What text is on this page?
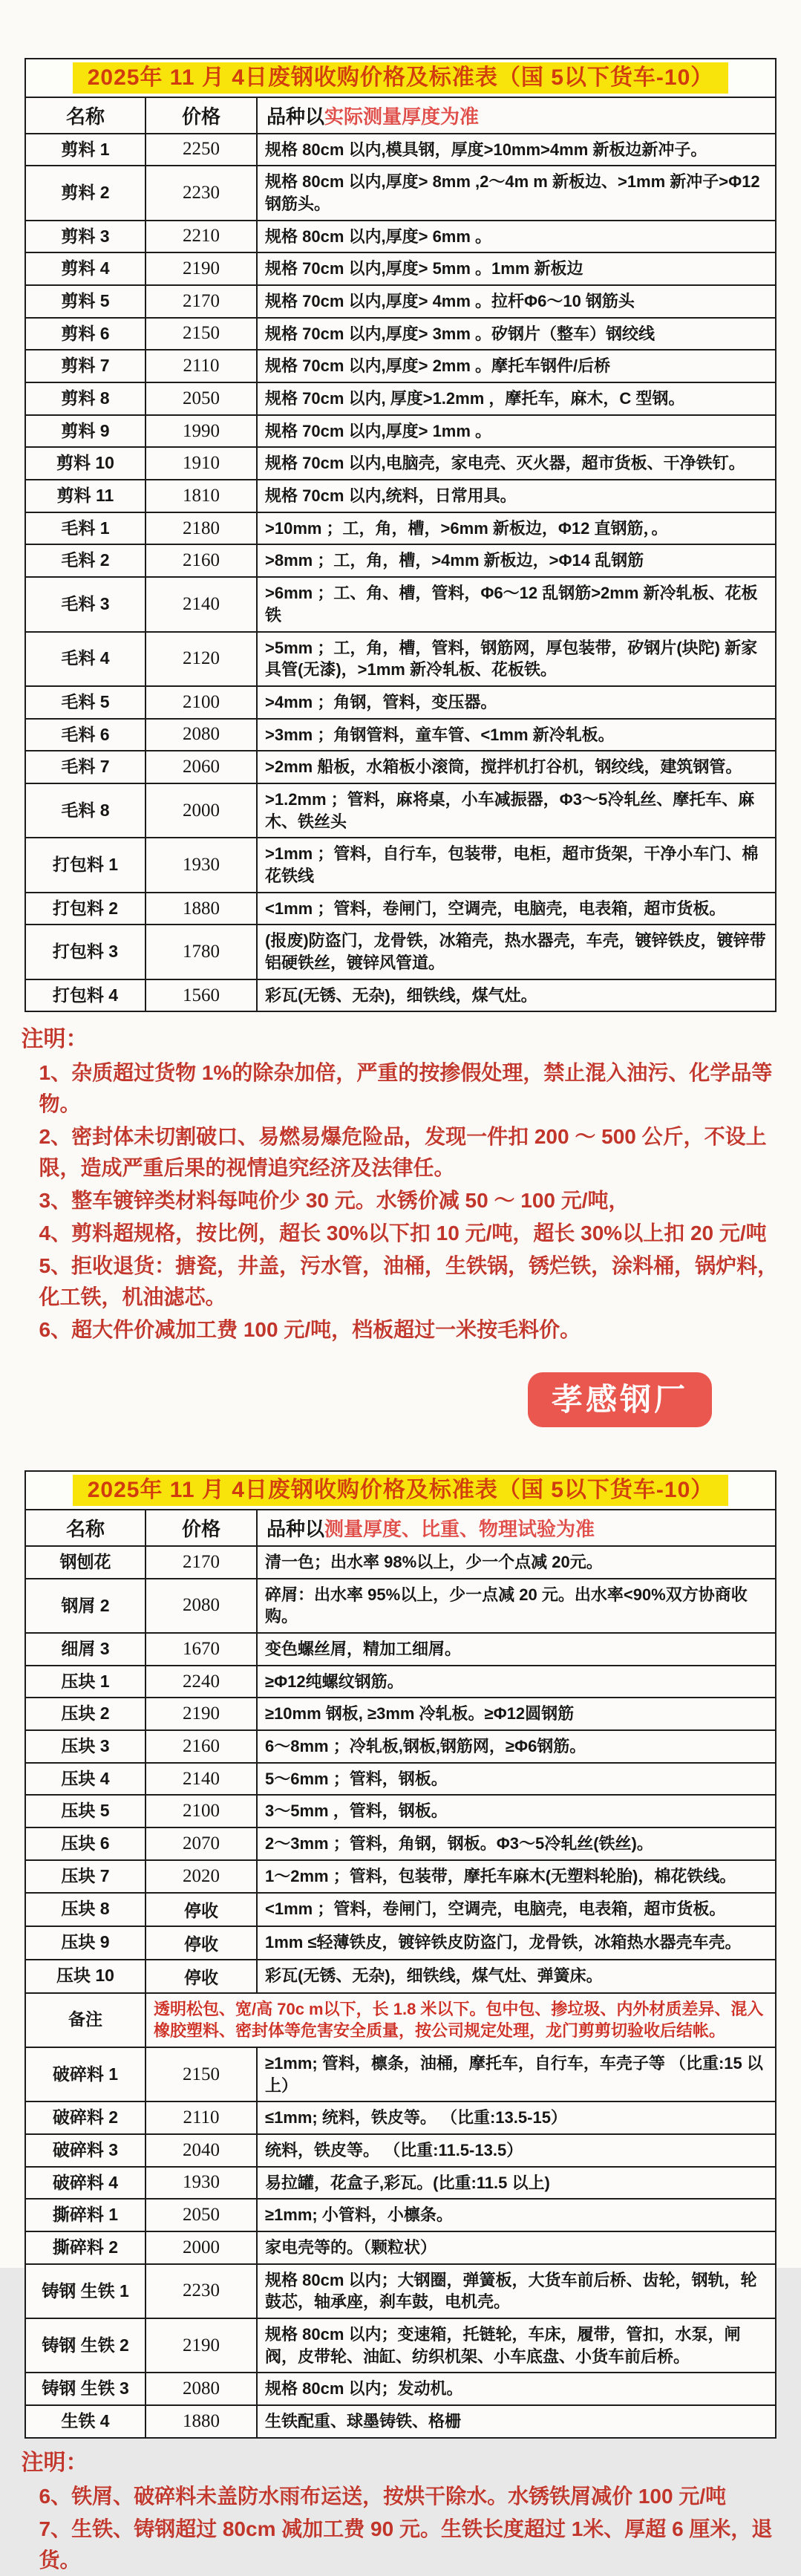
2025年 11 月 4日废钢收购价格及标准表（国 5以下货车-10）		
名称	价格	品种以实际测量厚度为准
剪料 1	2250	规格 80cm 以内,模具钢，厚度>10mm>4mm 新板边新冲子。
剪料 2	2230	规格 80cm 以内,厚度> 8mm ,2～4m m 新板边、>1mm 新冲子>Φ12 钢筋头。
剪料 3	2210	规格 80cm 以内,厚度> 6mm 。
剪料 4	2190	规格 70cm 以内,厚度> 5mm 。1mm 新板边
剪料 5	2170	规格 70cm 以内,厚度> 4mm 。拉杆Φ6～10 钢筋头
剪料 6	2150	规格 70cm 以内,厚度> 3mm 。矽钢片（整车）钢绞线
剪料 7	2110	规格 70cm 以内,厚度> 2mm 。摩托车钢件/后桥
剪料 8	2050	规格 70cm 以内, 厚度>1.2mm ，摩托车，麻木，C 型钢。
剪料 9	1990	规格 70cm 以内,厚度> 1mm 。
剪料 10	1910	规格 70cm 以内,电脑壳，家电壳、灭火器，超市货板、干净铁钉。
剪料 11	1810	规格 70cm 以内,统料，日常用具。
毛料 1	2180	>10mm ；工，角，槽，>6mm 新板边，Φ12 直钢筋，。
毛料 2	2160	>8mm ；工，角，槽，>4mm 新板边，>Φ14 乱钢筋
毛料 3	2140	>6mm ；工、角、槽，管料，Φ6～12 乱钢筋>2mm 新冷轧板、花板铁
毛料 4	2120	>5mm ；工，角，槽，管料，钢筋网，厚包装带，矽钢片(块陀) 新家具管(无漆)，>1mm 新冷轧板、花板铁。
毛料 5	2100	>4mm ；角钢，管料，变压器。
毛料 6	2080	>3mm ；角钢管料，童车管、<1mm 新冷轧板。
毛料 7	2060	>2mm 船板，水箱板小滚筒，搅拌机打谷机，钢绞线，建筑钢管。
毛料 8	2000	>1.2mm ；管料，麻将桌，小车减振器，Φ3～5冷轧丝、摩托车、麻木、铁丝头
打包料 1	1930	>1mm ；管料，自行车，包装带，电柜，超市货架，干净小车门、棉花铁线
打包料 2	1880	<1mm ；管料，卷闸门，空调壳，电脑壳，电表箱，超市货板。
打包料 3	1780	(报废)防盗门，龙骨铁，冰箱壳，热水器壳，车壳，镀锌铁皮，镀锌带铝硬铁丝，镀锌风管道。
打包料 4	1560	彩瓦(无锈、无杂)，细铁线，煤气灶。
注明：
1、杂质超过货物 1%的除杂加倍，严重的按掺假处理，禁止混入油污、化学品等物。
2、密封体未切割破口、易燃易爆危险品，发现一件扣 200 ～ 500 公斤，不设上限，造成严重后果的视情追究经济及法律任。
3、整车镀锌类材料每吨价少 30 元。水锈价减 50 ～ 100 元/吨，
4、剪料超规格，按比例，超长 30%以下扣 10 元/吨，超长 30%以上扣 20 元/吨
5、拒收退货：搪瓷，井盖，污水管，油桶，生铁锅，锈烂铁，涂料桶，锅炉料，化工铁，机油滤芯。
6、超大件价减加工费 100 元/吨，档板超过一米按毛料价。
孝感钢厂
2025年 11 月 4日废钢收购价格及标准表（国 5以下货车-10）		
名称	价格	品种以测量厚度、比重、物理试验为准
钢刨花	2170	清一色；出水率 98%以上，少一个点减 20元。
钢屑 2	2080	碎屑：出水率 95%以上，少一点减 20 元。出水率<90%双方协商收购。
细屑 3	1670	变色螺丝屑，精加工细屑。
压块 1	2240	≥Φ12纯螺纹钢筋。
压块 2	2190	≥10mm 钢板, ≥3mm 冷轧板。≥Φ12圆钢筋
压块 3	2160	6～8mm ；冷轧板,钢板,钢筋网，≥Φ6钢筋。
压块 4	2140	5～6mm ；管料，钢板。
压块 5	2100	3～5mm ，管料，钢板。
压块 6	2070	2～3mm ；管料，角钢，钢板。Φ3～5冷轧丝(铁丝)。
压块 7	2020	1～2mm ；管料，包装带，摩托车麻木(无塑料轮胎)，棉花铁线。
压块 8	停收	<1mm ；管料，卷闸门，空调壳，电脑壳，电表箱，超市货板。
压块 9	停收	1mm ≤轻薄铁皮，镀锌铁皮防盗门，龙骨铁，冰箱热水器壳车壳。
压块 10	停收	彩瓦(无锈、无杂)，细铁线，煤气灶、弹簧床。
备注	透明松包、宽/高 70c m以下，长 1.8 米以下。包中包、掺垃圾、内外材质差异、混入橡胶塑料、密封体等危害安全质量，按公司规定处理，龙门剪剪切验收后结帐。	
破碎料 1	2150	≥1mm; 管料，檩条，油桶，摩托车，自行车，车壳子等 （比重:15 以上）
破碎料 2	2110	≤1mm; 统料，铁皮等。 （比重:13.5-15）
破碎料 3	2040	统料，铁皮等。 （比重:11.5-13.5）
破碎料 4	1930	易拉罐，花盒子,彩瓦。(比重:11.5 以上)
撕碎料 1	2050	≥1mm; 小管料，小檩条。
撕碎料 2	2000	家电壳等的。（颗粒状）
铸钢 生铁 1	2230	规格 80cm 以内；大钢圈，弹簧板，大货车前后桥、齿轮，钢轨，轮鼓芯，轴承座，刹车鼓，电机壳。
铸钢 生铁 2	2190	规格 80cm 以内；变速箱，托链轮，车床，履带，管扣，水泵，闸阀，皮带轮、油缸、纺织机架、小车底盘、小货车前后桥。
铸钢 生铁 3	2080	规格 80cm 以内；发动机。
生铁 4	1880	生铁配重、球墨铸铁、格栅
注明：
6、铁屑、破碎料未盖防水雨布运送，按烘干除水。水锈铁屑减价 100 元/吨
7、生铁、铸钢超过 80cm 减加工费 90 元。生铁长度超过 1米、厚超 6 厘米，退货。
